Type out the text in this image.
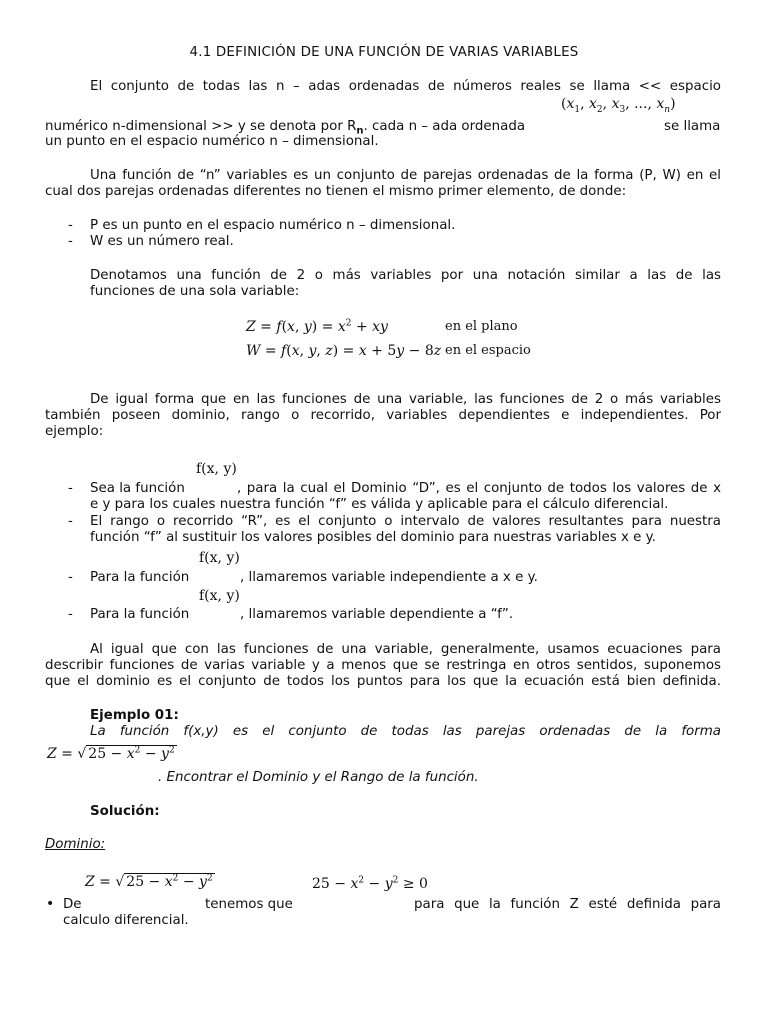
4.1 DEFINICIÓN DE UNA FUNCIÓN DE VARIAS VARIABLES
El conjunto de todas las n – adas ordenadas de números reales se llama << espacio
($x_1$, $x_2$, $x_3$, ..., $x_n$)
numérico n-dimensional >> y se denota por $R_n$. cada n – ada ordenada	se llama
un punto en el espacio numérico n – dimensional.
Una función de “n” variables es un conjunto de parejas ordenadas de la forma (P, W) en el
cual dos parejas ordenadas diferentes no tienen el mismo primer elemento, de donde:
- P es un punto en el espacio numérico n – dimensional.
- W es un número real.
Denotamos una función de 2 o más variables por una notación similar a las de las
funciones de una sola variable:
Z = f(x, $y) = x^2$ + xy	en el plano
W = f(x, y, z) = x + 5y − 8z en el espacio
De igual forma que en las funciones de una variable, las funciones de 2 o más variables
también poseen dominio, rango o recorrido, variables dependientes e independientes. Por
ejemplo:
f(x, y)
- Sea la función	, para la cual el Dominio “D”, es el conjunto de todos los valores de x
e y para los cuales nuestra función “f” es válida y aplicable para el cálculo diferencial.
- El rango o recorrido “R”, es el conjunto o intervalo de valores resultantes para nuestra
función “f” al sustituir los valores posibles del dominio para nuestras variables x e y.
f(x, y)
- Para la función	, llamaremos variable independiente a x e y.
f(x, y)
- Para la función	, llamaremos variable dependiente a “f”.
Al igual que con las funciones de una variable, generalmente, usamos ecuaciones para
describir funciones de varias variable y a menos que se restringa en otros sentidos, suponemos
que el dominio es el conjunto de todos los puntos para los que la ecuación está bien definida.
Ejemplo 01:
La función f(x,y) es el conjunto de todas las parejas ordenadas de la forma
Z = √ $25 - x^2 - y^2$
. Encontrar el Dominio y el Rango de la función.
Solución:
Dominio:
Z = √ $25 - x^2 - y^2$	$25 - x^2 - y^2 \ge 0$
• De	tenemos que	para que la función Z esté definida para
calculo diferencial.
